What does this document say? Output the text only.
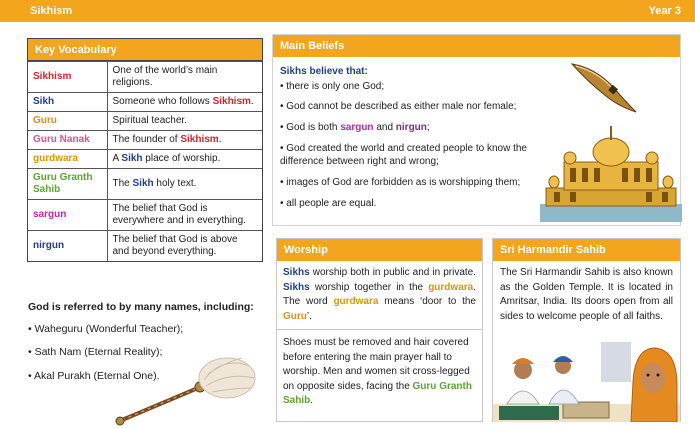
Sikhism	Year 3
Key Vocabulary
Sikhism	One of the world’s main religions.
Sikh	Someone who follows Sikhism.
Guru	Spiritual teacher.
Guru Nanak	The founder of Sikhism.
gurdwara	A Sikh place of worship.
Guru Granth Sahib	The Sikh holy text.
sargun	The belief that God is everywhere and in everything.
nirgun	The belief that God is above and beyond everything.
God is referred to by many names, including:
• Waheguru (Wonderful Teacher);
• Sath Nam (Eternal Reality);
• Akal Purakh (Eternal One).
Main Beliefs
Sikhs believe that:
• there is only one God;
• God cannot be described as either male nor female;
• God is both sargun and nirgun;
• God created the world and created people to know the difference between right and wrong;
• images of God are forbidden as is worshipping them;
• all people are equal.
Worship
Sikhs worship both in public and in private. Sikhs worship together in the gurdwara. The word gurdwara means ‘door to the Guru’.
Shoes must be removed and hair covered before entering the main prayer hall to worship. Men and women sit cross-legged on opposite sides, facing the Guru Granth Sahib.
Sri Harmandir Sahib
The Sri Harmandir Sahib is also known as the Golden Temple. It is located in Amritsar, India. Its doors open from all sides to welcome people of all faiths.
